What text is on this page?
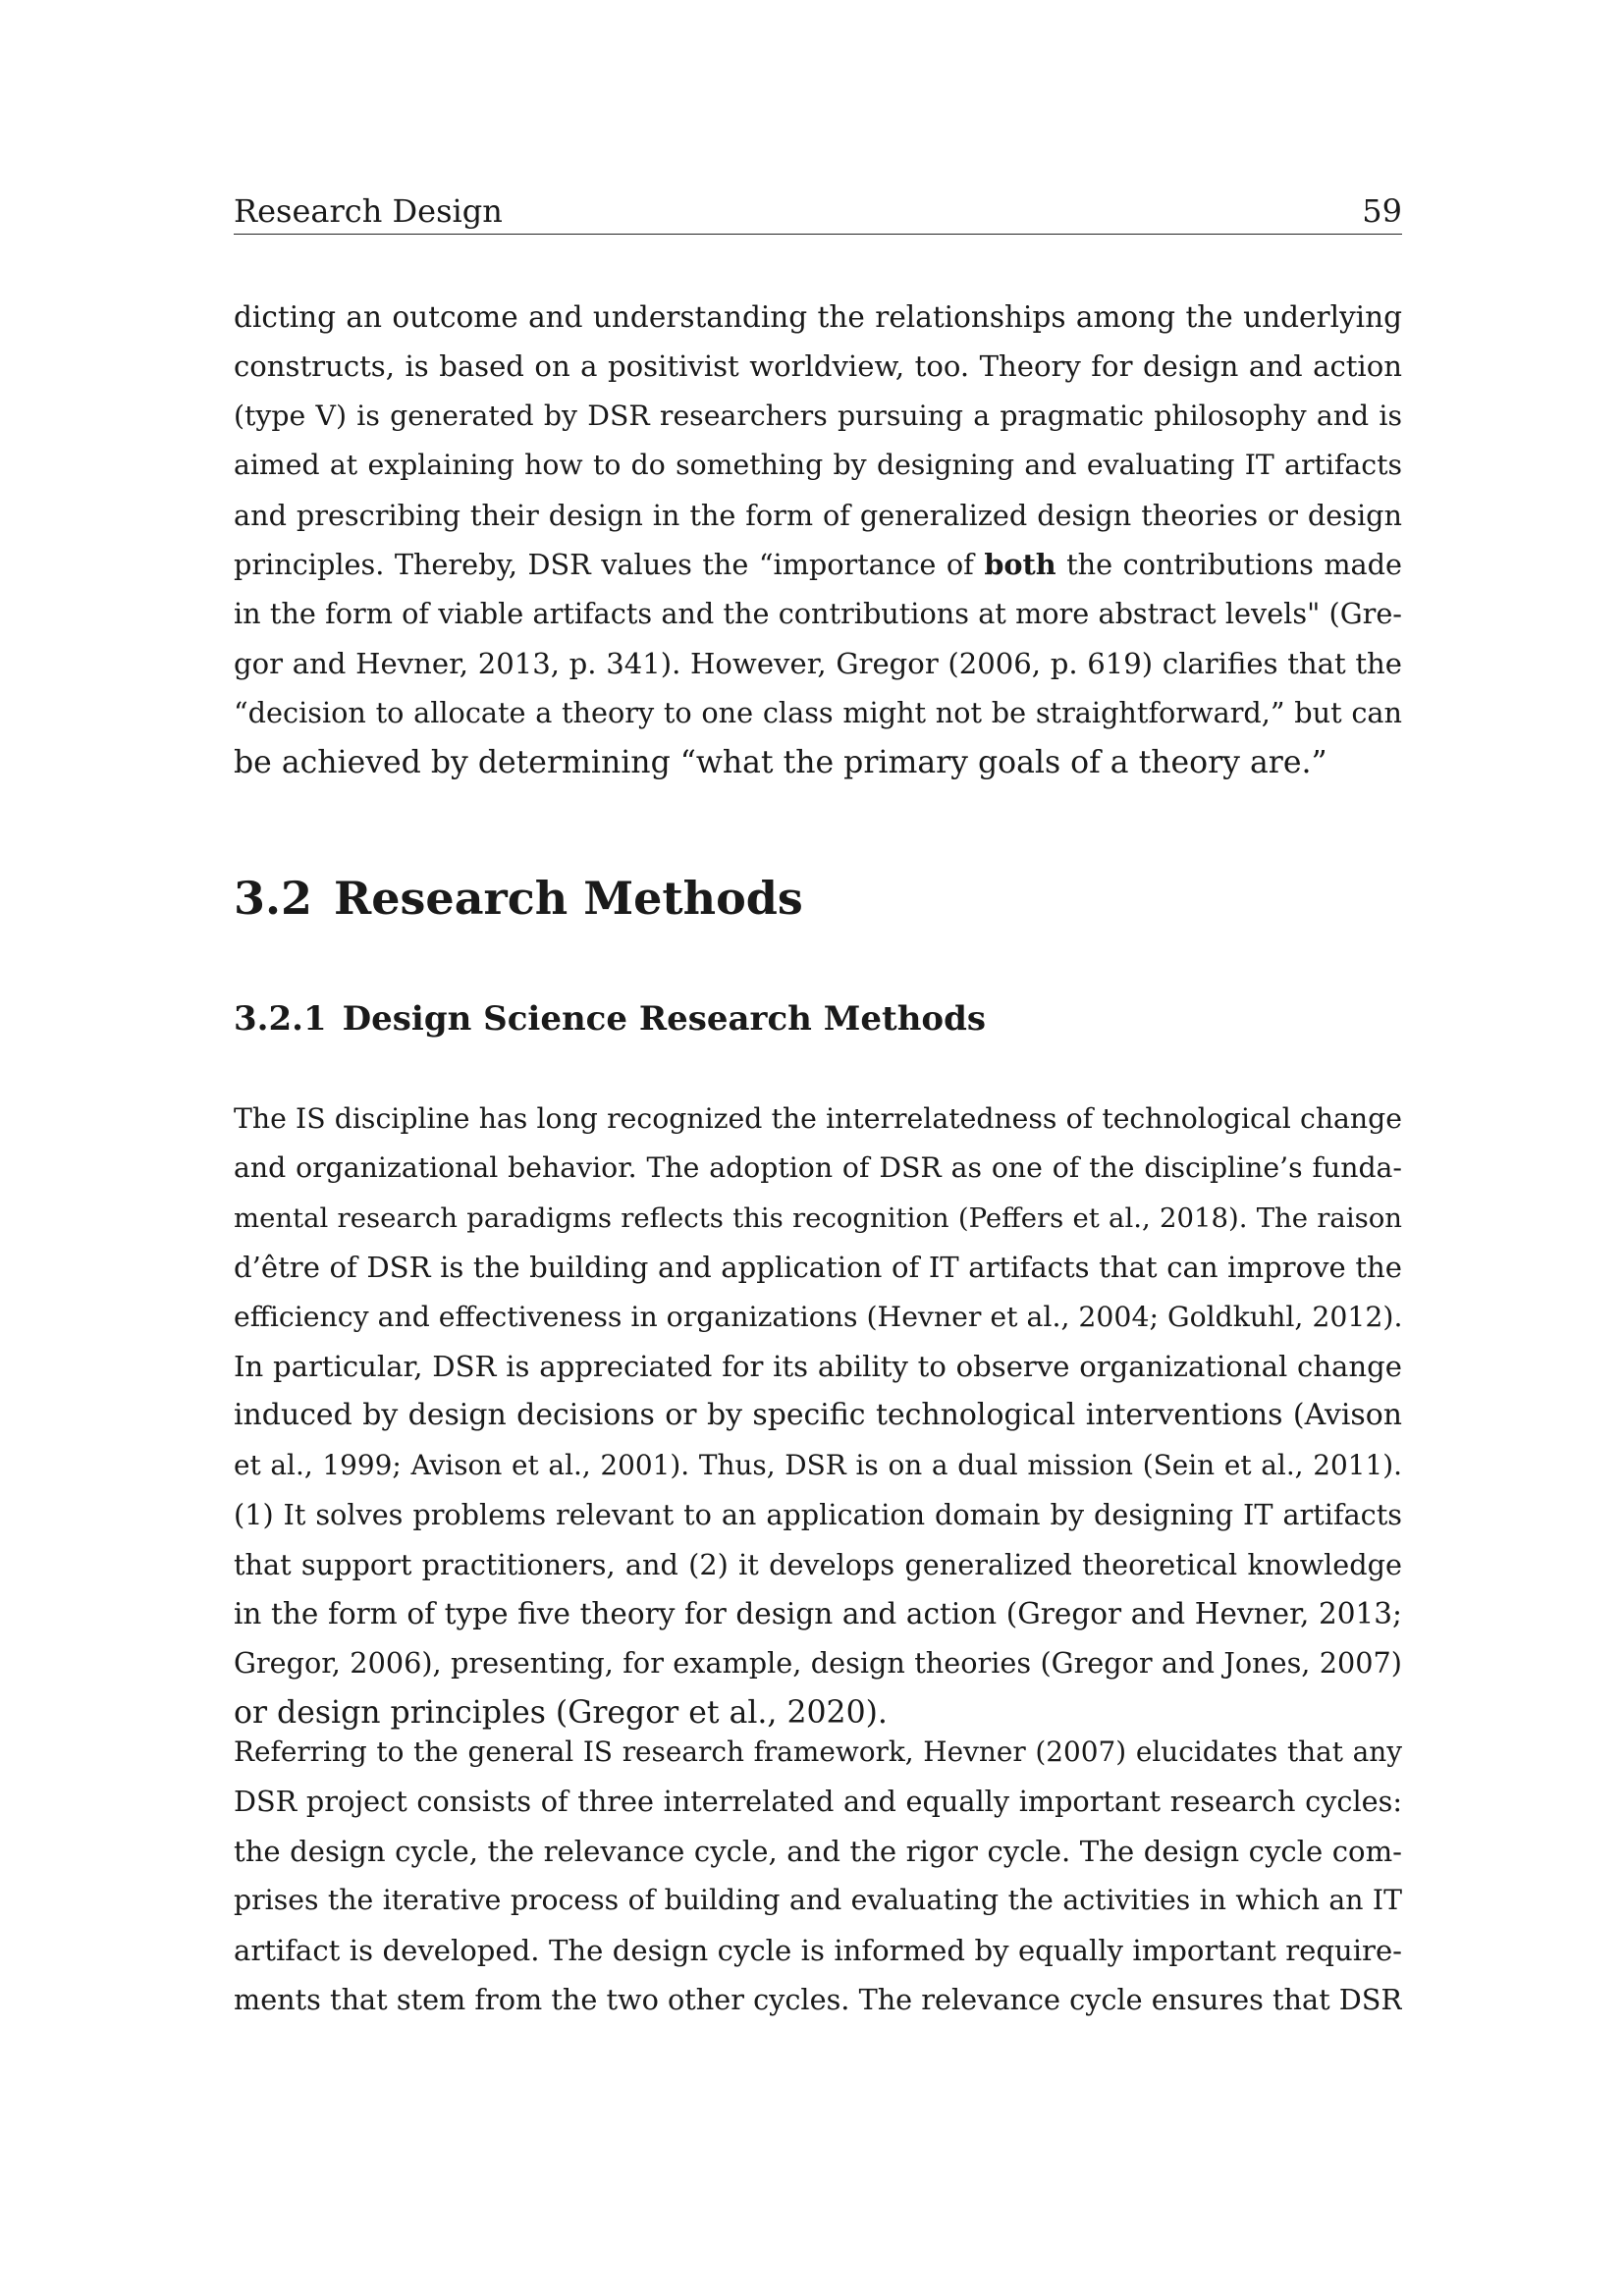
Research Design	59
dicting an outcome and understanding the relationships among the underlying
constructs, is based on a positivist worldview, too. Theory for design and action
(type V) is generated by DSR researchers pursuing a pragmatic philosophy and is
aimed at explaining how to do something by designing and evaluating IT artifacts
and prescribing their design in the form of generalized design theories or design
principles. Thereby, DSR values the “importance of both the contributions made
in the form of viable artifacts and the contributions at more abstract levels" (Gre-
gor and Hevner, 2013, p. 341). However, Gregor (2006, p. 619) clarifies that the
“decision to allocate a theory to one class might not be straightforward,” but can
be achieved by determining “what the primary goals of a theory are.”
3.2 Research Methods
3.2.1 Design Science Research Methods
The IS discipline has long recognized the interrelatedness of technological change
and organizational behavior. The adoption of DSR as one of the discipline’s funda-
mental research paradigms reflects this recognition (Peffers et al., 2018). The raison
d’être of DSR is the building and application of IT artifacts that can improve the
efficiency and effectiveness in organizations (Hevner et al., 2004; Goldkuhl, 2012).
In particular, DSR is appreciated for its ability to observe organizational change
induced by design decisions or by specific technological interventions (Avison
et al., 1999; Avison et al., 2001). Thus, DSR is on a dual mission (Sein et al., 2011).
(1) It solves problems relevant to an application domain by designing IT artifacts
that support practitioners, and (2) it develops generalized theoretical knowledge
in the form of type five theory for design and action (Gregor and Hevner, 2013;
Gregor, 2006), presenting, for example, design theories (Gregor and Jones, 2007)
or design principles (Gregor et al., 2020).
Referring to the general IS research framework, Hevner (2007) elucidates that any
DSR project consists of three interrelated and equally important research cycles:
the design cycle, the relevance cycle, and the rigor cycle. The design cycle com-
prises the iterative process of building and evaluating the activities in which an IT
artifact is developed. The design cycle is informed by equally important require-
ments that stem from the two other cycles. The relevance cycle ensures that DSR
